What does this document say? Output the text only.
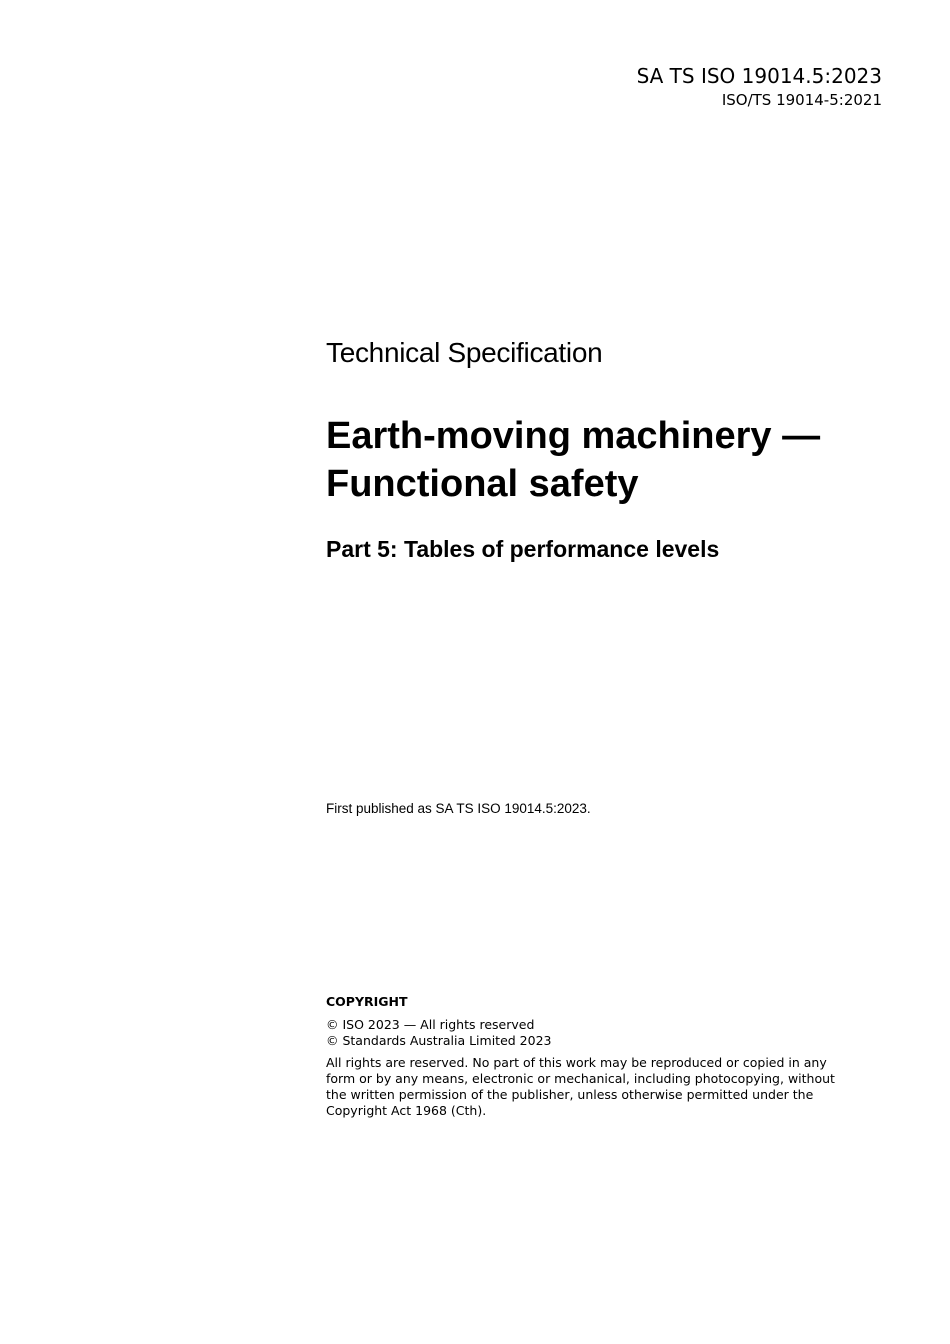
SA TS ISO 19014.5:2023
ISO/TS 19014-5:2021
Technical Specification
Earth-moving machinery —
Functional safety
Part 5: Tables of performance levels
First published as SA TS ISO 19014.5:2023.
COPYRIGHT
© ISO 2023 — All rights reserved
© Standards Australia Limited 2023
All rights are reserved. No part of this work may be reproduced or copied in any form or by any means, electronic or mechanical, including photocopying, without the written permission of the publisher, unless otherwise permitted under the Copyright Act 1968 (Cth).
